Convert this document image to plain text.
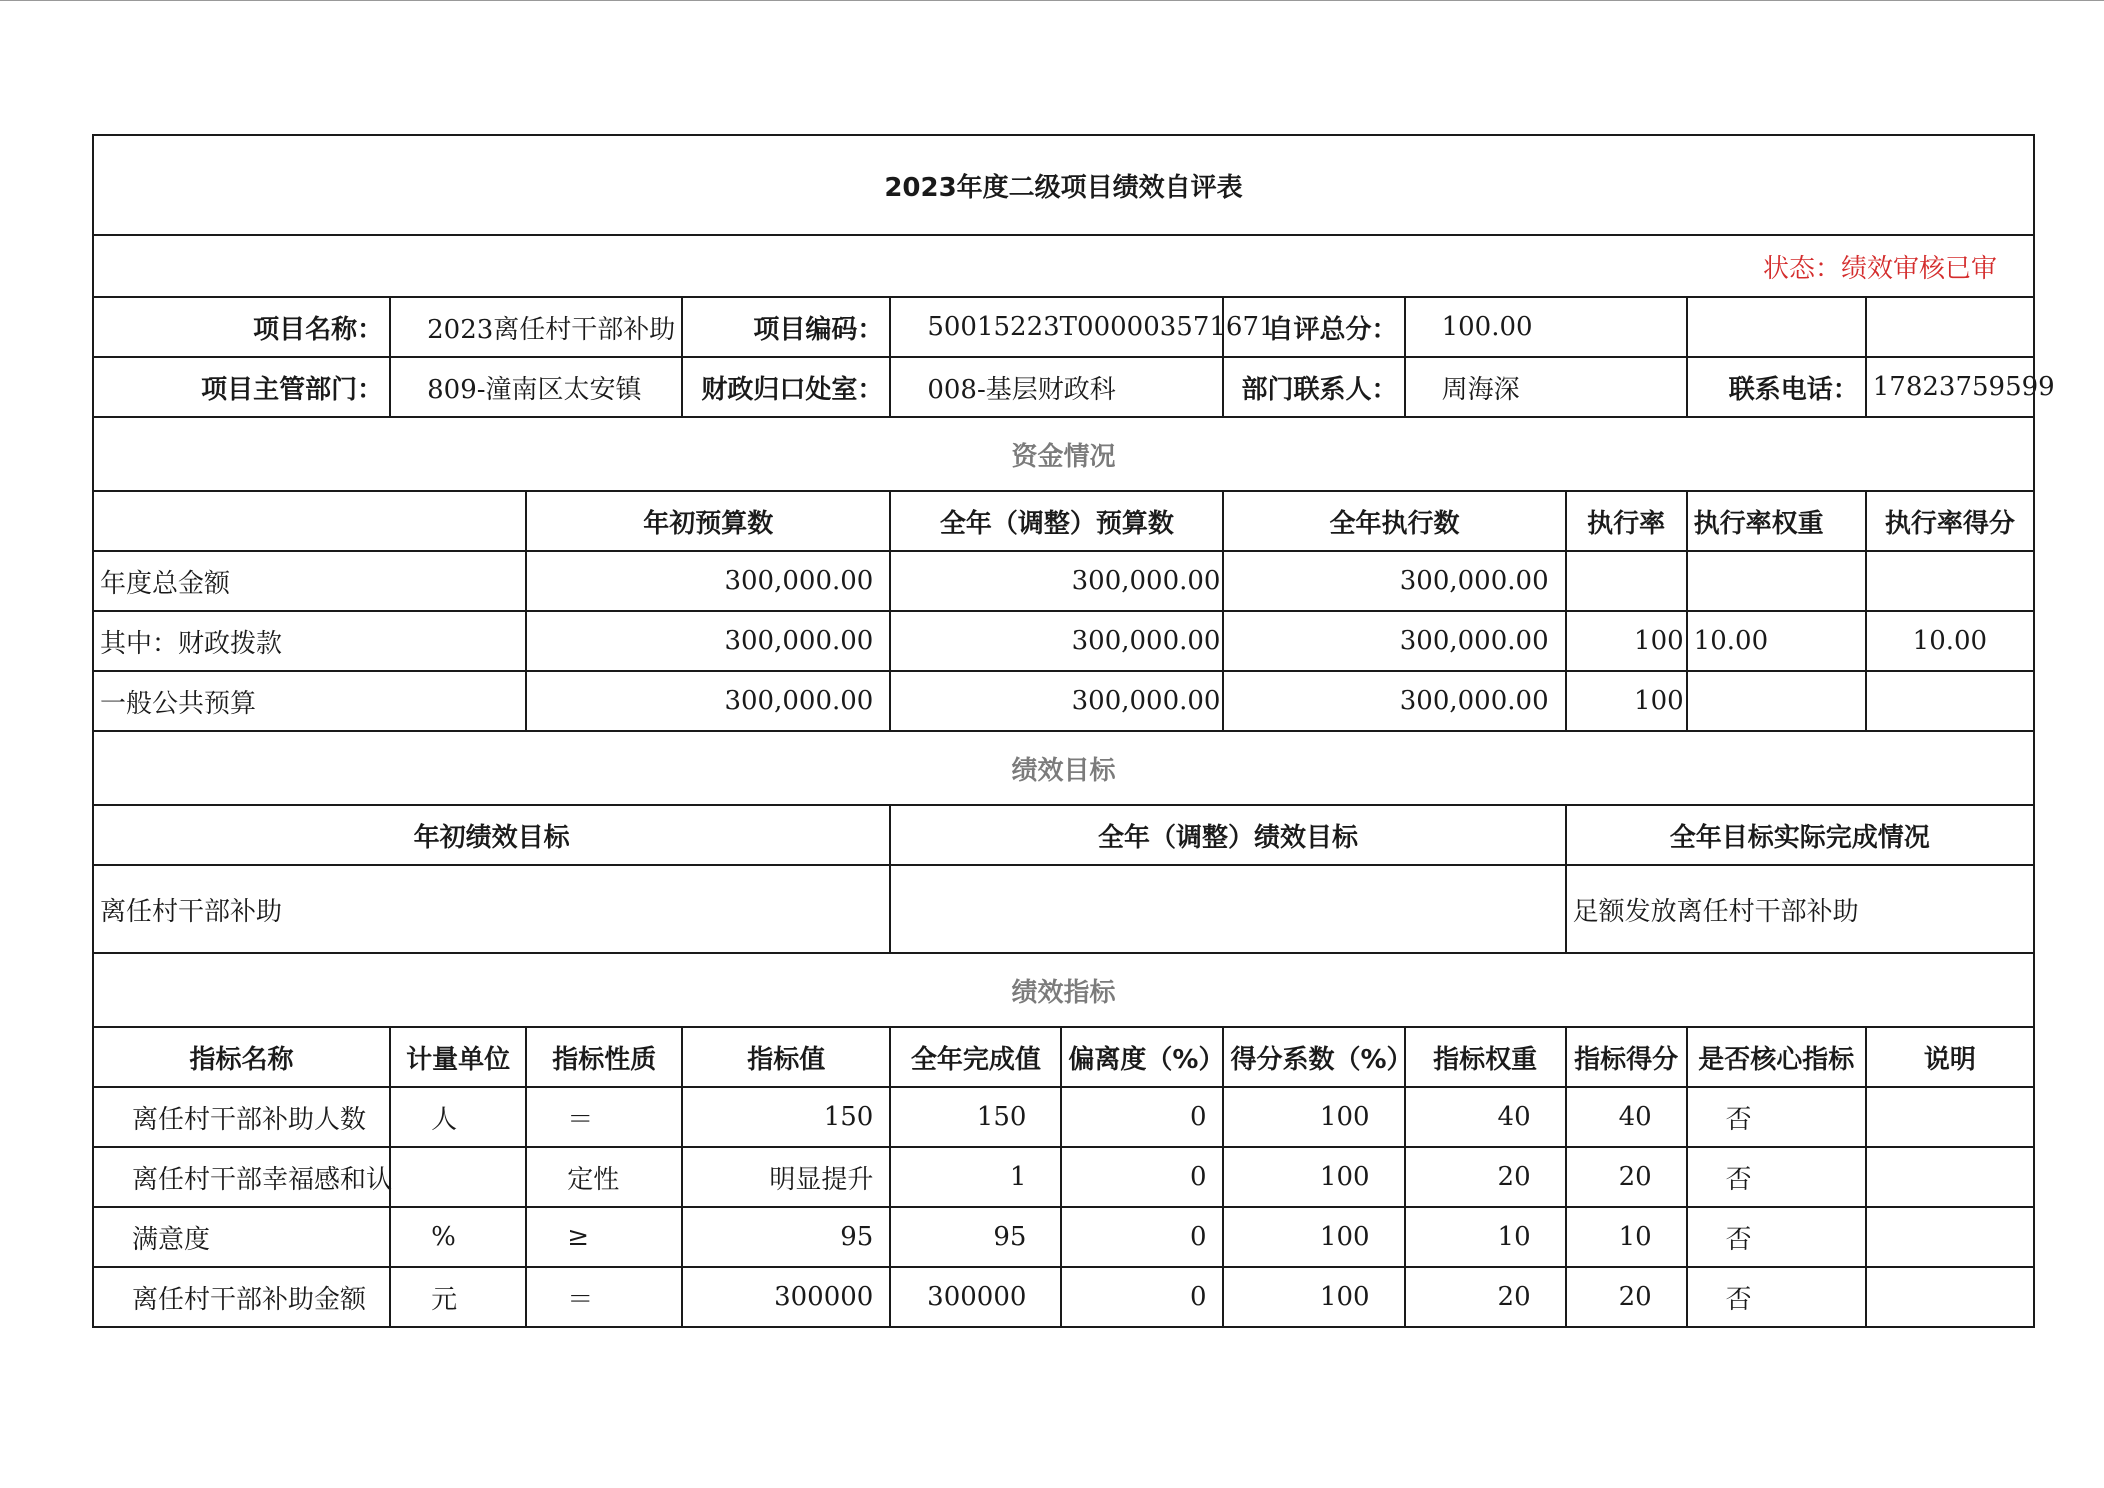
2023年度二级项目绩效自评表										
状态：绩效审核已审										
项目名称：	2023离任村干部补助		项目编码：	50015223T000003571671		自评总分：	100.00			
项目主管部门：	809-潼南区太安镇		财政归口处室：	008-基层财政科		部门联系人：	周海深		联系电话：	17823759599
资金情况										
		年初预算数		全年（调整）预算数		全年执行数		执行率	执行率权重	执行率得分
年度总金额		300,000.00		300,000.00		300,000.00				
其中：财政拨款		300,000.00		300,000.00		300,000.00		100	10.00	10.00
一般公共预算		300,000.00		300,000.00		300,000.00		100		
绩效目标										
年初绩效目标				全年（调整）绩效目标				全年目标实际完成情况		
离任村干部补助								足额发放离任村干部补助		
绩效指标										
指标名称	计量单位	指标性质	指标值	全年完成值	偏离度（%）	得分系数（%）	指标权重	指标得分	是否核心指标	说明
离任村干部补助人数	人	＝	150	150	0	100	40	40	否	
离任村干部幸福感和认		定性	明显提升	1	0	100	20	20	否	
满意度	%	≥	95	95	0	100	10	10	否	
离任村干部补助金额	元	＝	300000	300000	0	100	20	20	否	
